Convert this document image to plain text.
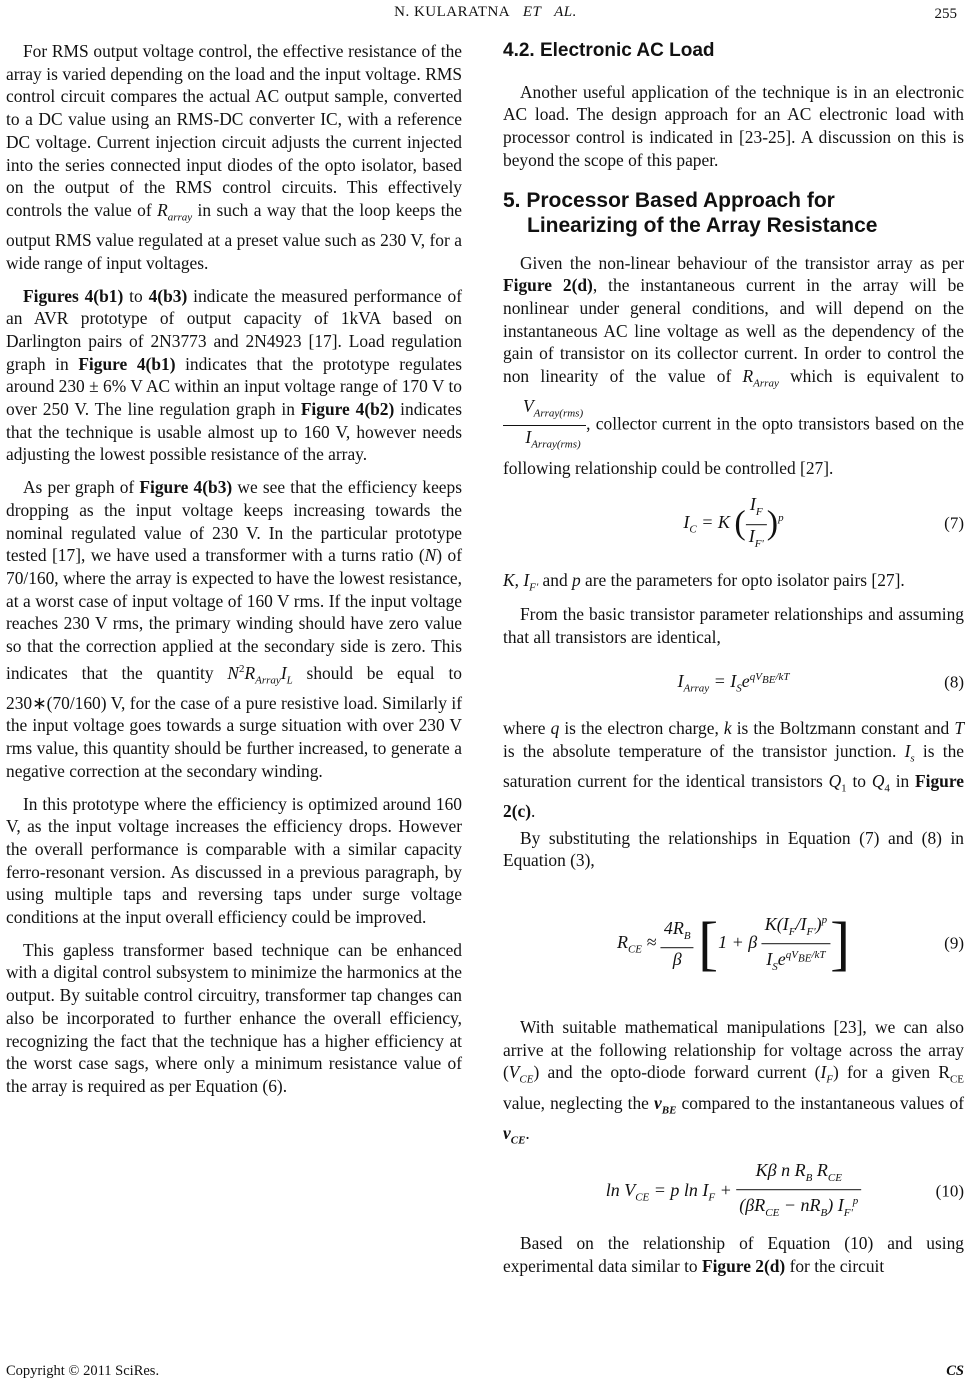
N. KULARATNA   ET AL.	255

For RMS output voltage control, the effective resistance of the array is varied depending on the load and the input voltage. RMS control circuit compares the actual AC output sample, converted to a DC value using an RMS-DC converter IC, with a reference DC voltage. Current injection circuit adjusts the current injected into the series connected input diodes of the opto isolator, based on the output of the RMS control circuits. This effectively controls the value of $R_{array}$ in such a way that the loop keeps the output RMS value regulated at a preset value such as 230 V, for a wide range of input voltages.

Figures 4(b1) to 4(b3) indicate the measured performance of an AVR prototype of output capacity of 1kVA based on Darlington pairs of 2N3773 and 2N4923 [17]. Load regulation graph in Figure 4(b1) indicates that the prototype regulates around 230 ± 6% V AC within an input voltage range of 170 V to over 250 V. The line regulation graph in Figure 4(b2) indicates that the technique is usable almost up to 160 V, however needs adjusting the lowest possible resistance of the array.

As per graph of Figure 4(b3) we see that the efficiency keeps dropping as the input voltage keeps increasing towards the nominal regulated value of 230 V. In the particular prototype tested [17], we have used a transformer with a turns ratio (N) of 70/160, where the array is expected to have the lowest resistance, at a worst case of input voltage of 160 V rms. If the input voltage reaches 230 V rms, the primary winding should have zero value so that the correction applied at the secondary side is zero. This indicates that the quantity $N^2R_{Array}I_L$ should be equal to 230∗(70/160) V, for the case of a pure resistive load. Similarly if the input voltage goes towards a surge situation with over 230 V rms value, this quantity should be further increased, to generate a negative correction at the secondary winding.

In this prototype where the efficiency is optimized around 160 V, as the input voltage increases the efficiency drops. However the overall performance is comparable with a similar capacity ferro-resonant version. As discussed in a previous paragraph, by using multiple taps and reversing taps under surge voltage conditions at the input overall efficiency could be improved.

This gapless transformer based technique can be enhanced with a digital control subsystem to minimize the harmonics at the output. By suitable control circuitry, transformer tap changes can also be incorporated to further enhance the overall efficiency, recognizing the fact that the technique has a higher efficiency at the worst case sags, where only a minimum resistance value of the array is required as per Equation (6).

4.2. Electronic AC Load

Another useful application of the technique is in an electronic AC load. The design approach for an AC electronic load with processor control is indicated in [23-25]. A discussion on this is beyond the scope of this paper.

5. Processor Based Approach for
Linearizing of the Array Resistance

Given the non-linear behaviour of the transistor array as per Figure 2(d), the instantaneous current in the array will be nonlinear under general conditions, and will depend on the instantaneous AC line voltage as well as the dependency of the gain of transistor on its collector current. In order to control the non linearity of the value of $R_{Array}$ which is equivalent to
$\frac{V_{Array(rms)}}{I_{Array(rms)}}$ , collector current in the opto transistors based on the following relationship could be controlled [27].

$I_C = K$ ( $\frac{I_F}{I_{F'}} )^p$	(7)

K, $I_{F'}$ and p are the parameters for opto isolator pairs [27].

From the basic transistor parameter relationships and assuming that all transistors are identical,

$I_{Array} = I_Se^{qV_{BE}/kT}$	(8)

where q is the electron charge, k is the Boltzmann constant and T is the absolute temperature of the transistor junction. $I_s$ is the saturation current for the identical transistors $Q_1$ to $Q_4$ in Figure 2(c).

By substituting the relationships in Equation (7) and (8) in Equation (3),

$R_{CE} \approx \frac{4R_B}{\beta} [1 + \beta \frac{K(I_F/I_{F'})^p}{I_Se^{qV_{BE}/kT}}$ ]	(9)

With suitable mathematical manipulations [23], we can also arrive at the following relationship for voltage across the array $(V_{CE})$ and the opto-diode forward current $(I_F)$ for a given $R_{CE}$ value, neglecting the $v_{BE}$ compared to the instantaneous values of $v_{CE}$.

$\ln V_{CE} = p$ $\ln I_F + \frac{K\beta n R_B R_{CE}}{(\beta R_{CE} - nR_B) I_{F'}^p}$	(10)

Based on the relationship of Equation (10) and using experimental data similar to Figure 2(d) for the circuit

Copyright © 2011 SciRes.	CS
